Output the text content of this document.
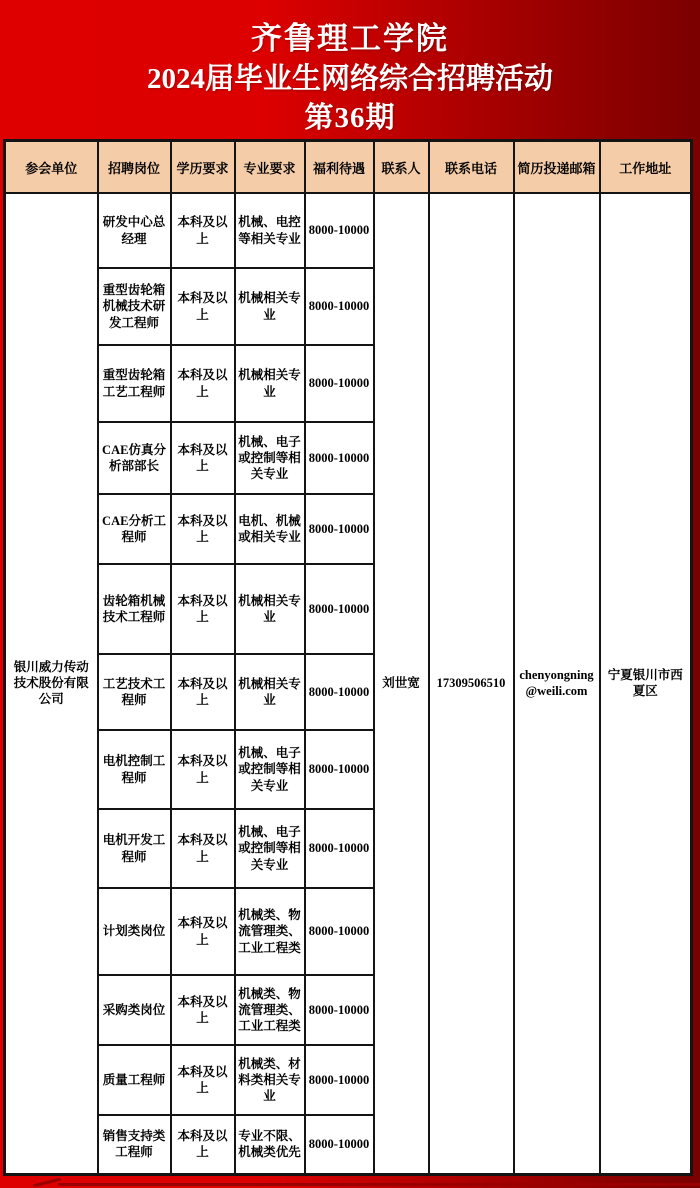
齐鲁理工学院
2024届毕业生网络综合招聘活动
第36期
参会单位	招聘岗位	学历要求	专业要求	福利待遇	联系人	联系电话	简历投递邮箱	工作地址
银川威力传动技术股份有限公司	研发中心总经理	本科及以上	机械、电控等相关专业	8000-10000	刘世宽	17309506510	chenyongning@weili.com	宁夏银川市西夏区
	重型齿轮箱机械技术研发工程师	本科及以上	机械相关专业	8000-10000				
	重型齿轮箱工艺工程师	本科及以上	机械相关专业	8000-10000				
	CAE仿真分析部部长	本科及以上	机械、电子或控制等相关专业	8000-10000				
	CAE分析工程师	本科及以上	电机、机械或相关专业	8000-10000				
	齿轮箱机械技术工程师	本科及以上	机械相关专业	8000-10000				
	工艺技术工程师	本科及以上	机械相关专业	8000-10000				
	电机控制工程师	本科及以上	机械、电子或控制等相关专业	8000-10000				
	电机开发工程师	本科及以上	机械、电子或控制等相关专业	8000-10000				
	计划类岗位	本科及以上	机械类、物流管理类、工业工程类	8000-10000				
	采购类岗位	本科及以上	机械类、物流管理类、工业工程类	8000-10000				
	质量工程师	本科及以上	机械类、材料类相关专业	8000-10000				
	销售支持类工程师	本科及以上	专业不限、机械类优先	8000-10000				
